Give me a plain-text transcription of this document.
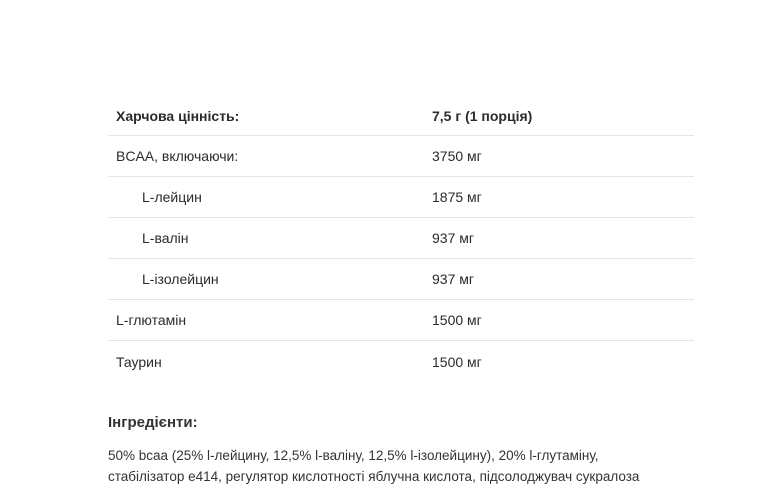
Харчова цінність:	7,5 г (1 порція)
BCAA, включаючи:	3750 мг
L-лейцин	1875 мг
L-валін	937 мг
L-ізолейцин	937 мг
L-глютамін	1500 мг
Таурин	1500 мг

Інгредієнти:

50% bcaa (25% l-лейцину, 12,5% l-валіну, 12,5% l-ізолейцину), 20% l-глутаміну,
стабілізатор e414, регулятор кислотності яблучна кислота, підсолоджувач сукралоза
